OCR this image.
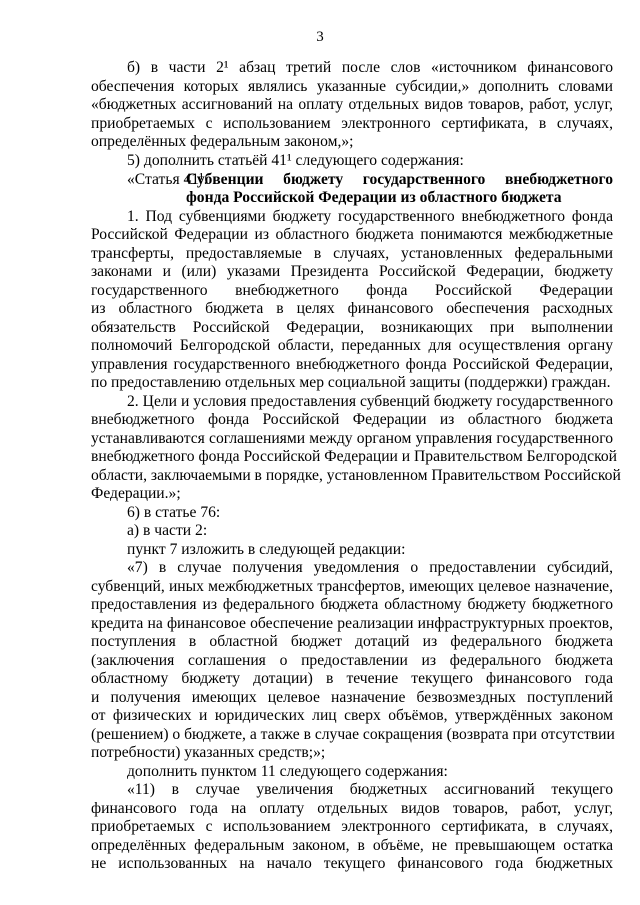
3
б) в части 2¹ абзац третий после слов «источником финансового
обеспечения которых являлись указанные субсидии,» дополнить словами
«бюджетных ассигнований на оплату отдельных видов товаров, работ, услуг,
приобретаемых с использованием электронного сертификата, в случаях,
определённых федеральным законом,»;
5) дополнить статьёй 41¹ следующего содержания:
«Статья 41¹.
Субвенции бюджету государственного внебюджетного
фонда Российской Федерации из областного бюджета
1. Под субвенциями бюджету государственного внебюджетного фонда
Российской Федерации из областного бюджета понимаются межбюджетные
трансферты, предоставляемые в случаях, установленных федеральными
законами и (или) указами Президента Российской Федерации, бюджету
государственного внебюджетного фонда Российской Федерации
из областного бюджета в целях финансового обеспечения расходных
обязательств Российской Федерации, возникающих при выполнении
полномочий Белгородской области, переданных для осуществления органу
управления государственного внебюджетного фонда Российской Федерации,
по предоставлению отдельных мер социальной защиты (поддержки) граждан.
2. Цели и условия предоставления субвенций бюджету государственного
внебюджетного фонда Российской Федерации из областного бюджета
устанавливаются соглашениями между органом управления государственного
внебюджетного фонда Российской Федерации и Правительством Белгородской
области, заключаемыми в порядке, установленном Правительством Российской
Федерации.»;
6) в статье 76:
а) в части 2:
пункт 7 изложить в следующей редакции:
«7) в случае получения уведомления о предоставлении субсидий,
субвенций, иных межбюджетных трансфертов, имеющих целевое назначение,
предоставления из федерального бюджета областному бюджету бюджетного
кредита на финансовое обеспечение реализации инфраструктурных проектов,
поступления в областной бюджет дотаций из федерального бюджета
(заключения соглашения о предоставлении из федерального бюджета
областному бюджету дотации) в течение текущего финансового года
и получения имеющих целевое назначение безвозмездных поступлений
от физических и юридических лиц сверх объёмов, утверждённых законом
(решением) о бюджете, а также в случае сокращения (возврата при отсутствии
потребности) указанных средств;»;
дополнить пунктом 11 следующего содержания:
«11) в случае увеличения бюджетных ассигнований текущего
финансового года на оплату отдельных видов товаров, работ, услуг,
приобретаемых с использованием электронного сертификата, в случаях,
определённых федеральным законом, в объёме, не превышающем остатка
не использованных на начало текущего финансового года бюджетных
